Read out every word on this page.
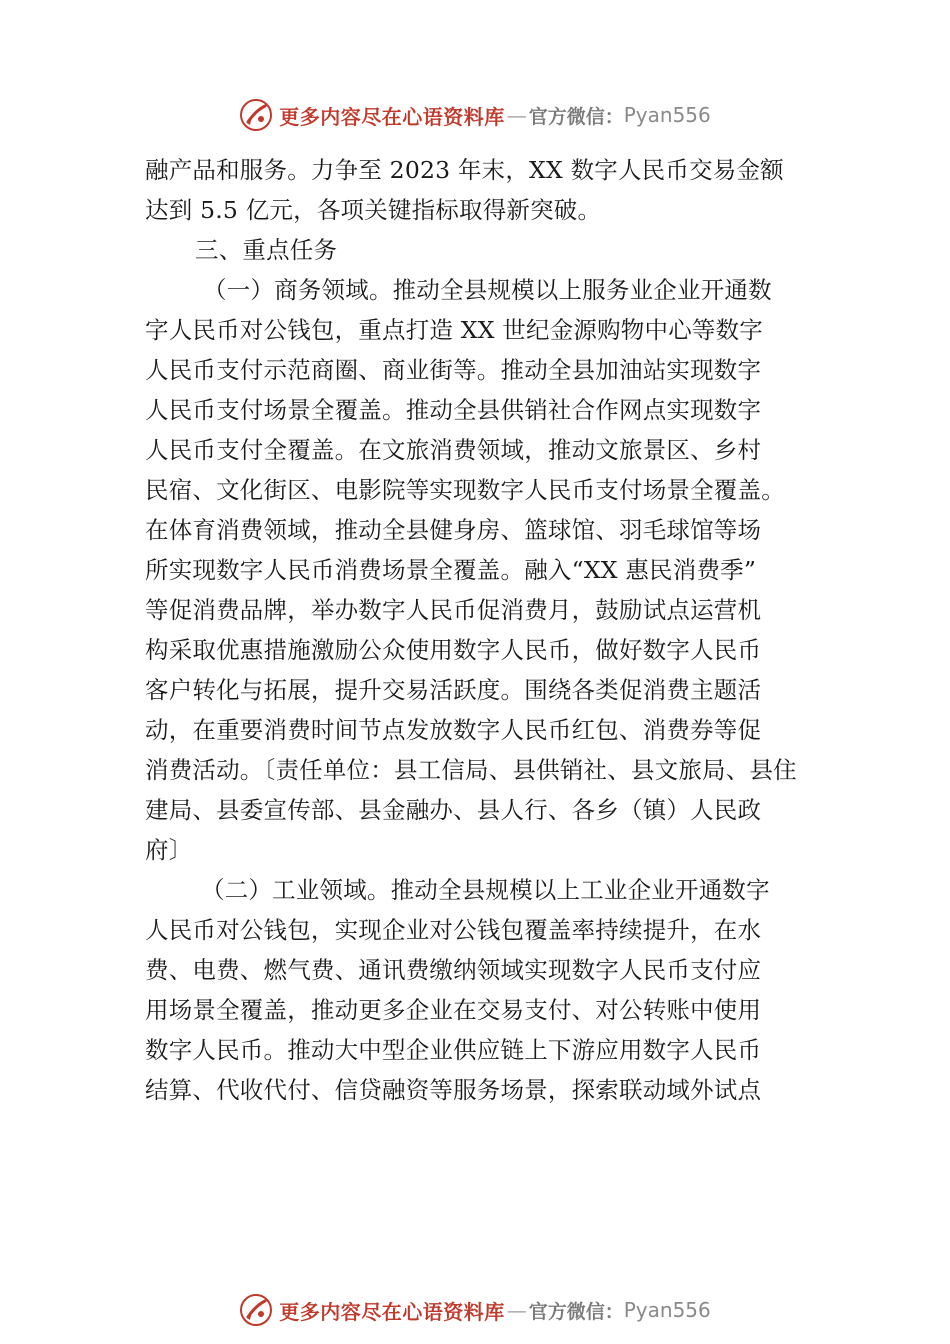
更多内容尽在心语资料库 — 官方微信： Pyan556
融产品和服务。力争至 2023 年末，XX 数字人民币交易金额
达到 5.5 亿元，各项关键指标取得新突破。
三、重点任务
（一）商务领域。推动全县规模以上服务业企业开通数
字人民币对公钱包，重点打造 XX 世纪金源购物中心等数字
人民币支付示范商圈、商业街等。推动全县加油站实现数字
人民币支付场景全覆盖。推动全县供销社合作网点实现数字
人民币支付全覆盖。在文旅消费领域，推动文旅景区、乡村
民宿、文化街区、电影院等实现数字人民币支付场景全覆盖。
在体育消费领域，推动全县健身房、篮球馆、羽毛球馆等场
所实现数字人民币消费场景全覆盖。融入“XX 惠民消费季”
等促消费品牌，举办数字人民币促消费月，鼓励试点运营机
构采取优惠措施激励公众使用数字人民币，做好数字人民币
客户转化与拓展，提升交易活跃度。围绕各类促消费主题活
动，在重要消费时间节点发放数字人民币红包、消费券等促
消费活动。〔责任单位：县工信局、县供销社、县文旅局、县住
建局、县委宣传部、县金融办、县人行、各乡（镇）人民政
府〕
（二）工业领域。推动全县规模以上工业企业开通数字
人民币对公钱包，实现企业对公钱包覆盖率持续提升，在水
费、电费、燃气费、通讯费缴纳领域实现数字人民币支付应
用场景全覆盖，推动更多企业在交易支付、对公转账中使用
数字人民币。推动大中型企业供应链上下游应用数字人民币
结算、代收代付、信贷融资等服务场景，探索联动域外试点
更多内容尽在心语资料库 — 官方微信： Pyan556
